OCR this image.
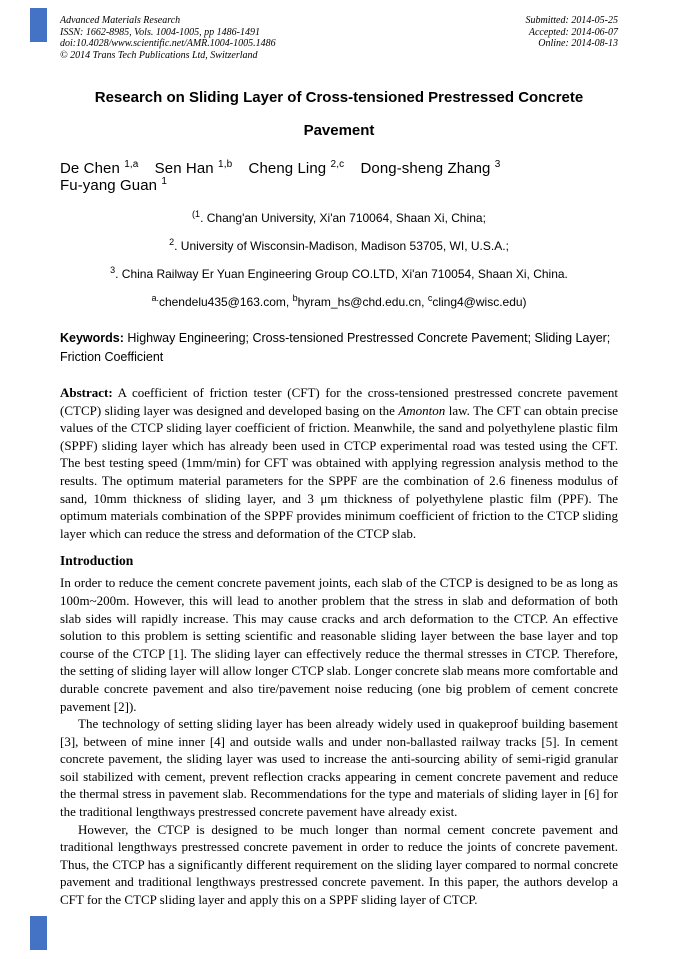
Advanced Materials Research
ISSN: 1662-8985, Vols. 1004-1005, pp 1486-1491
doi:10.4028/www.scientific.net/AMR.1004-1005.1486
© 2014 Trans Tech Publications Ltd, Switzerland
Submitted: 2014-05-25
Accepted: 2014-06-07
Online: 2014-08-13
Research on Sliding Layer of Cross-tensioned Prestressed Concrete
Pavement
De Chen $^{1,a}$ Sen Han $^{1,b}$ Cheng Ling $^{2,c}$ Dong-sheng Zhang $^3$ Fu-yang Guan $^1$
$^{(1}$. Chang'an University, Xi'an 710064, Shaan Xi, China;
$^2$. University of Wisconsin-Madison, Madison 53705, WI, U.S.A.;
$^3$. China Railway Er Yuan Engineering Group CO.LTD, Xi'an 710054, Shaan Xi, China.
$^{a.}$chendelu435@163.com, $^b$hyram_hs@chd.edu.cn, $^c$cling4@wisc.edu)

Keywords: Highway Engineering; Cross-tensioned Prestressed Concrete Pavement; Sliding Layer; Friction Coefficient

Abstract: A coefficient of friction tester (CFT) for the cross-tensioned prestressed concrete pavement (CTCP) sliding layer was designed and developed basing on the Amonton law. The CFT can obtain precise values of the CTCP sliding layer coefficient of friction. Meanwhile, the sand and polyethylene plastic film (SPPF) sliding layer which has already been used in CTCP experimental road was tested using the CFT. The best testing speed (1mm/min) for CFT was obtained with applying regression analysis method to the results. The optimum material parameters for the SPPF are the combination of 2.6 fineness modulus of sand, 10mm thickness of sliding layer, and 3 μm thickness of polyethylene plastic film (PPF). The optimum materials combination of the SPPF provides minimum coefficient of friction to the CTCP sliding layer which can reduce the stress and deformation of the CTCP slab.

Introduction

In order to reduce the cement concrete pavement joints, each slab of the CTCP is designed to be as long as 100m~200m. However, this will lead to another problem that the stress in slab and deformation of both slab sides will rapidly increase. This may cause cracks and arch deformation to the CTCP. An effective solution to this problem is setting scientific and reasonable sliding layer between the base layer and top course of the CTCP [1]. The sliding layer can effectively reduce the thermal stresses in CTCP. Therefore, the setting of sliding layer will allow longer CTCP slab. Longer concrete slab means more comfortable and durable concrete pavement and also tire/pavement noise reducing (one big problem of cement concrete pavement [2]).

The technology of setting sliding layer has been already widely used in quakeproof building basement [3], between of mine inner [4] and outside walls and under non-ballasted railway tracks [5]. In cement concrete pavement, the sliding layer was used to increase the anti-sourcing ability of semi-rigid granular soil stabilized with cement, prevent reflection cracks appearing in cement concrete pavement and reduce the thermal stress in pavement slab. Recommendations for the type and materials of sliding layer in [6] for the traditional lengthways prestressed concrete pavement have already exist.

However, the CTCP is designed to be much longer than normal cement concrete pavement and traditional lengthways prestressed concrete pavement in order to reduce the joints of concrete pavement. Thus, the CTCP has a significantly different requirement on the sliding layer compared to normal concrete pavement and traditional lengthways prestressed concrete pavement. In this paper, the authors develop a CFT for the CTCP sliding layer and apply this on a SPPF sliding layer of CTCP.
